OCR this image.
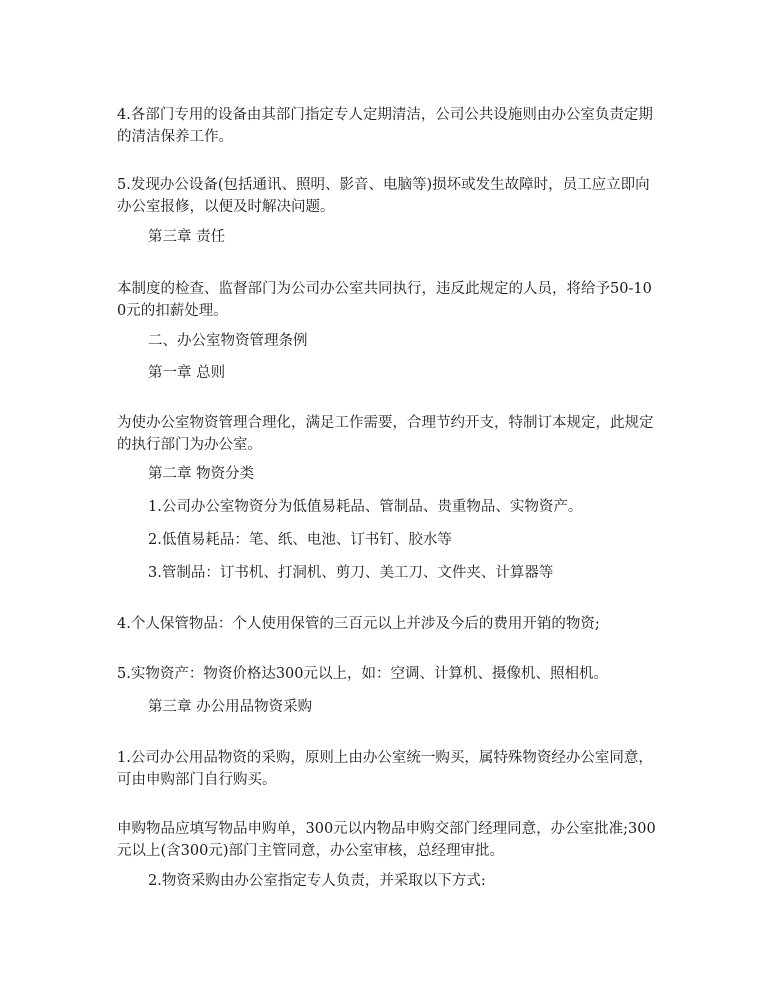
4.各部门专用的设备由其部门指定专人定期清洁，公司公共设施则由办公室负责定期的清洁保养工作。

5.发现办公设备(包括通讯、照明、影音、电脑等)损坏或发生故障时，员工应立即向办公室报修，以便及时解决问题。

第三章 责任

本制度的检查、监督部门为公司办公室共同执行，违反此规定的人员，将给予50-100元的扣薪处理。

二、办公室物资管理条例

第一章 总则

为使办公室物资管理合理化，满足工作需要，合理节约开支，特制订本规定，此规定的执行部门为办公室。

第二章 物资分类

1.公司办公室物资分为低值易耗品、管制品、贵重物品、实物资产。

2.低值易耗品：笔、纸、电池、订书钉、胶水等

3.管制品：订书机、打洞机、剪刀、美工刀、文件夹、计算器等

4.个人保管物品：个人使用保管的三百元以上并涉及今后的费用开销的物资;

5.实物资产：物资价格达300元以上，如：空调、计算机、摄像机、照相机。

第三章 办公用品物资采购

1.公司办公用品物资的采购，原则上由办公室统一购买，属特殊物资经办公室同意，可由申购部门自行购买。

申购物品应填写物品申购单，300元以内物品申购交部门经理同意，办公室批准;300元以上(含300元)部门主管同意，办公室审核，总经理审批。

2.物资采购由办公室指定专人负责，并采取以下方式:
